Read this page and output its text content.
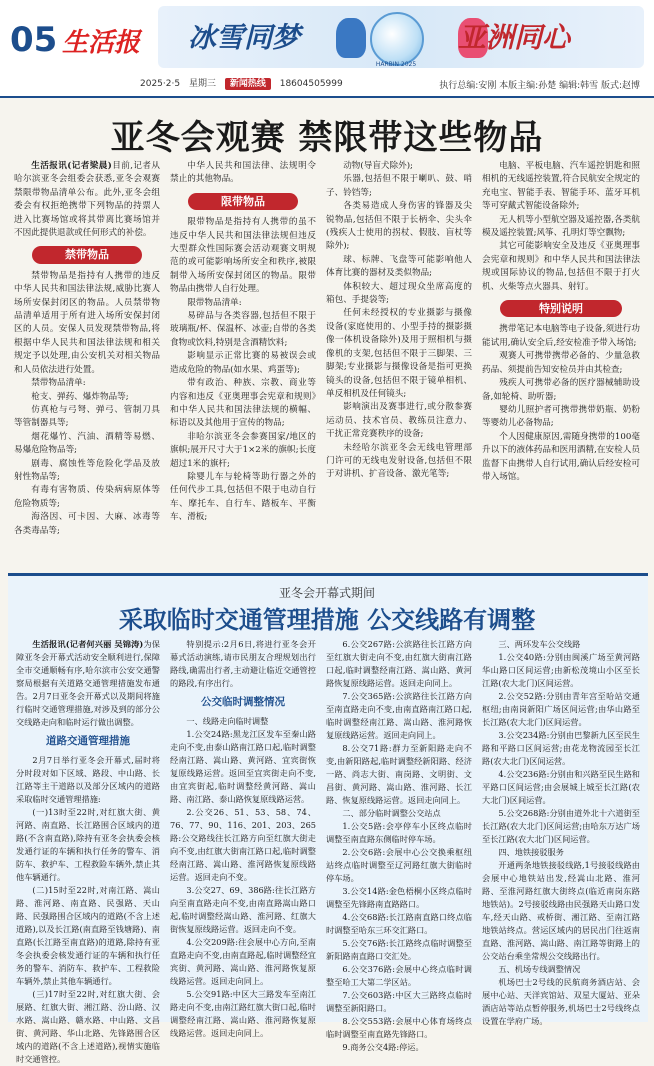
05 生活报 冰雪同梦
HARBIN 2025
亚洲同心
2025·2·5 星期三 新闻热线 18604505999	执行总编:安刚 本版主编:孙楚 编辑:韩雪 版式:赵博
亚冬会观赛 禁限带这些物品

生活报讯(记者梁晨)目前,记者从哈尔滨亚冬会组委会获悉,亚冬会观赛禁限带物品清单公布。此外,亚冬会组委会有权拒绝携带下列物品的持票人进入比赛场馆或将其带离比赛场馆并不因此提供退款或任何形式的补偿。

禁带物品

禁带物品是指持有人携带的违反中华人民共和国法律法规,威胁比赛人场所安保封闭区的物品。人员禁带物品清单适用于所有进入场所安保封闭区的人员。安保人员发现禁带物品,将根据中华人民共和国法律法规和相关规定予以处理,由公安机关对相关物品和人员依法进行处置。

禁带物品清单:

枪支、弹药、爆炸物品等;

仿真枪与弓弩、弹弓、管制刀具等管制器具等;

烟花爆竹、汽油、酒精等易燃、易爆危险物品等;

剧毒、腐蚀性等危险化学品及放射性物品等;

有毒有害物质、传染病病原体等危险物质等;

海洛因、可卡因、大麻、冰毒等各类毒品等;

中华人民共和国法律、法规明令禁止的其他物品。

限带物品

限带物品是指持有人携带的虽不违反中华人民共和国法律法规但违反大型群众性国际赛会活动观赛文明规范的或可能影响场所安全和秩序,被限制带入场所安保封闭区的物品。限带物品由携带人自行处理。

限带物品清单:

易碎品与各类容器,包括但不限于玻璃瓶/杯、保温杯、冰壶;自带的各类食物或饮料,特别是含酒精饮料;

影响显示正常比赛的易被误会或造成危险的物品(如水果、鸡蛋等);

带有政治、种族、宗教、商业等内容和违反《亚奥理事会宪章和规则》和中华人民共和国法律法规的横幅、标语以及其他用于宣传的物品;

非哈尔滨亚冬会参赛国家/地区的旗帜;展开尺寸大于1×2米的旗帜;长度超过1米的旗杆;

除婴儿车与轮椅等助行器之外的任何代步工具,包括但不限于电动自行车、摩托车、自行车、踏板车、平衡车、滑板;

动物(导盲犬除外);

乐器,包括但不限于喇叭、鼓、哨子、铃铛等;

各类易造成人身伤害的锋器及尖锐物品,包括但不限于长柄伞、尖头伞(残疾人士使用的拐杖、假肢、盲杖等除外);

球、标牌、飞盘等可能影响他人体育比赛的器材及类似物品;

体积较大、超过现众坐席高度的箱包、手提袋等;

任何未经授权的专业摄影与摄像设备(家庭使用的、小型手持的摄影摄像一体机设备除外)及用于照相机与摄像机的支架,包括但不限于三脚架、三脚架;专业摄影与摄像设备是指可更换镜头的设备,包括但不限于镜单相机、单反相机及任何镜头;

影响演出及赛事进行,或分散参赛运动员、技术官员、教练员注意力、干扰正常竞赛秩序的设备;

未经哈尔滨亚冬会无线电管理部门许可的无线电发射设备,包括但不限于对讲机、扩音设备、激光笔等;

电脑、平板电脑、汽车遥控钥匙和照相机的无线遥控装置,符合民航安全规定的充电宝、智能手表、智能手环、蓝牙耳机等可穿戴式智能设备除外;

无人机等小型航空器及遥控器,各类航模及遥控装置;风筝、孔明灯等空飘物;

其它可能影响安全及违反《亚奥理事会宪章和规则》和中华人民共和国法律法规或国际协议的物品,包括但不限于打火机、火柴等点火器具、射钉。

特别说明

携带笔记本电脑等电子设备,须进行功能试用,确认安全后,经安检准予带入场馆;

观赛人可携带携带必备的、少量急救药品、须提前告知安检员并由其检查;

残疾人可携带必备的医疗器械辅助设备,如轮椅、助听器;

婴幼儿照护者可携带携带奶瓶、奶粉等婴幼儿必备物品;

个人因健康原因,需随身携带的100毫升以下的液体药品和医用酒精,在安检人员监督下由携带人自行试用,确认后经安检可带入场馆。

亚冬会开幕式期间
采取临时交通管理措施 公交线路有调整

生活报讯(记者何兴丽 吴锦涛)为保障亚冬会开幕式活动安全顺利进行,保障全市交通顺畅有序,哈尔滨市公安交通警察局根据有关道路交通管理措施发布通告。2月7日亚冬会开幕式以及期间将施行临时交通管理措施,对涉及到的部分公交线路走向和临时运行做出调整。

道路交通管理措施

2月7日举行亚冬会开幕式,届时将分时段对如下区域、路段、中山路、长江路等主干道路以及部分区域内的道路采取临时交通管理措施:

(一)13时至22时,对红旗大街、黄河路、南直路、长江路围合区域内的道路(不含南直路),除持有亚冬会执委会核发通行证的车辆和执行任务的警车、消防车、救护车、工程救险车辆外,禁止其他车辆通行。

(二)15时至22时,对南江路、嵩山路、淮河路、南直路、民强路、天山路、民强路围合区域内的道路(不含上述道路),以及长江路(南直路至钱塘路)、南直路(长江路至南直路)的道路,除持有亚冬会执委会核发通行证的车辆和执行任务的警车、消防车、救护车、工程救险车辆外,禁止其他车辆通行。

(三)17时至22时,对红旗大街、会展路、红旗大街、湘江路、汾山路、汉水路、嵩山路、赣水路、中山路、文昌街、黄河路、华山北路、先锋路围合区域内的道路(不含上述道路),视情实施临时交通管控。

特别提示:2月6日,将进行亚冬会开幕式活动演练,请市民朋友合理规划出行路线,确需出行者,主动避让临近交通管控的路段,有序出行。

公交临时调整情况

一、线路走向临时调整

1.公交24路:黑龙江区发车至秦山路走向不变,由泰山路南江路口起,临时调整经南江路、嵩山路、黄河路、宜宾街恢复原线路运营。返回至宜宾街走向不变,由宜宾街起,临时调整经黄河路、嵩山路、南江路、泰山路恢复原线路运营。

2.公交26、51、53、58、74、76、77、90、116、201、203、265路:公交路线往长江路方向至红旗大街走向不变,由红旗大街南江路口起,临时调整经南江路、嵩山路、淮河路恢复原线路运营。返回走向不变。

3.公交27、69、386路:往长江路方向至南直路走向不变,由南直路嵩山路口起,临时调整经嵩山路、淮河路、红旗大街恢复原线路运营。返回走向不变。

4.公交209路:往会展中心方向,至南直路走向不变,由南直路起,临时调整经宜宾街、黄河路、嵩山路、淮河路恢复原线路运营。返回走向同上。

5.公交91路:中区大三路发车至南江路走向不变,由南江路红旗大街口起,临时调整经南江路、嵩山路、淮河路恢复原线路运营。返回走向同上。

6.公交267路:公滨路往长江路方向至红旗大街走向不变,由红旗大街南江路口起,临时调整经南江路、嵩山路、黄河路恢复原线路运营。返回走向同上。

7.公交365路:公滨路往长江路方向至南直路走向不变,由南直路南江路口起,临时调整经南江路、嵩山路、淮河路恢复原线路运营。返回走向同上。

8.公交71路:群力至新阳路走向不变,由新阳路起,临时调整经新阳路、经济一路、尚志大街、南岗路、文明街、文昌街、黄河路、嵩山路、淮河路、长江路、恢复原线路运营。返回走向同上。

二、部分临时调整公交站点

1.公交5路:会亭停车小区终点临时调整至南直路东侧临时停车场。

2.公交6路:会展中心公交换乘枢纽站终点临时调整至辽河路红旗大街临时停车场。

3.公交14路:金色梧桐小区终点临时调整至先锋路南直路路口。

4.公交68路:长江路南直路口终点临时调整至哈东三环交汇路口。

5.公交76路:长江路终点临时调整至新阳路南直路口交汇处。

6.公交376路:会展中心终点临时调整至哈工大第二学区站。

7.公交603路:中区大三路终点临时调整至新阳路口。

8.公交553路:会展中心体育场终点临时调整至南直路先锋路口。

9.商务公交4路:停运。

三、两环发车公交线路

1.公交40路:分别由闽溪广场至黄河路华山路口区间运营;由新松茂境山小区至长江路(农大北门)区间运营。

2.公交52路:分别由青年宫至哈站交通枢纽;由南岗新阳广场区间运营;由华山路至长江路(农大北门)区间运营。

3.公交234路:分别由巴黎新九区至民生路和平路口区间运营;由花龙物流园至长江路(农大北门)区间运营。

4.公交236路:分别由和兴路至民生路和平路口区间运营;由会展城上城至长江路(农大北门)区间运营。

5.公交268路:分别由道外北十六道街至长江路(农大北门)区间运营;由哈东万达广场至长江路(农大北门)区间运营。

四、地铁接驳服务

开通两条地铁接驳线路,1号接驳线路由会展中心地铁站出发,经嵩山北路、淮河路、至淮河路红旗大街终点(临近南岗东路地铁站)。2号接驳线路由民强路天山路口发车,经天山路、戒桥街、湘江路、至南江路地铁站终点。营运区域内的居民出门往返南直路、淮河路、嵩山路、南江路等街路上的公交站台乘坐常规公交线路出行。

五、机场专线调整情况

机场巴士2号线的民航商务酒店站、会展中心站、天洋宾馆站、双星大厦站、亚朵酒店站等站点暂停服务,机场巴士2号线终点设置在学府广场。
